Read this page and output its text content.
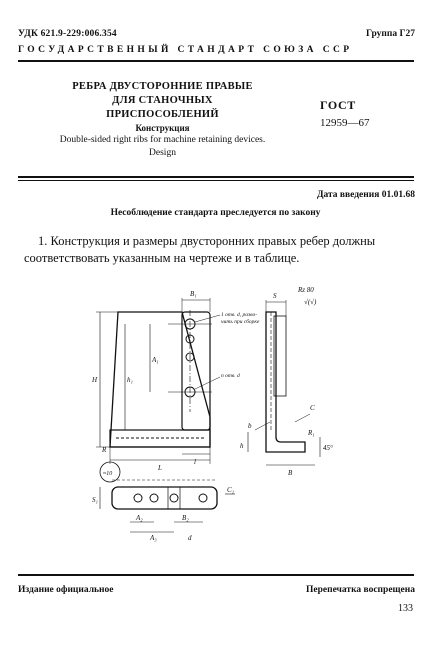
УДК 621.9-229:006.354	Группа Г27
ГОСУДАРСТВЕННЫЙ СТАНДАРТ СОЮЗА ССР
РЕБРА ДВУСТОРОННИЕ ПРАВЫЕ
ДЛЯ СТАНОЧНЫХ
ПРИСПОСОБЛЕНИЙ
Конструкция
Double-sided right ribs for machine retaining devices.
Design
ГОСТ
12959—67
Дата введения 01.01.68
Несоблюдение стандарта преследуется по закону
1. Конструкция и размеры двусторонних правых ребер должны соответствовать указанным на чертеже и в таблице.
B₁	S
Rz 80
√(√)
1 отв. d, разво-
чить при сборке
n отв. d
H	h₁
A₁
L
l
R
C
b
R₁
45°
h
B
≈10
A₂
A₃
B₂
S₁
C₁
d
Издание официальное	Перепечатка воспрещена
133
